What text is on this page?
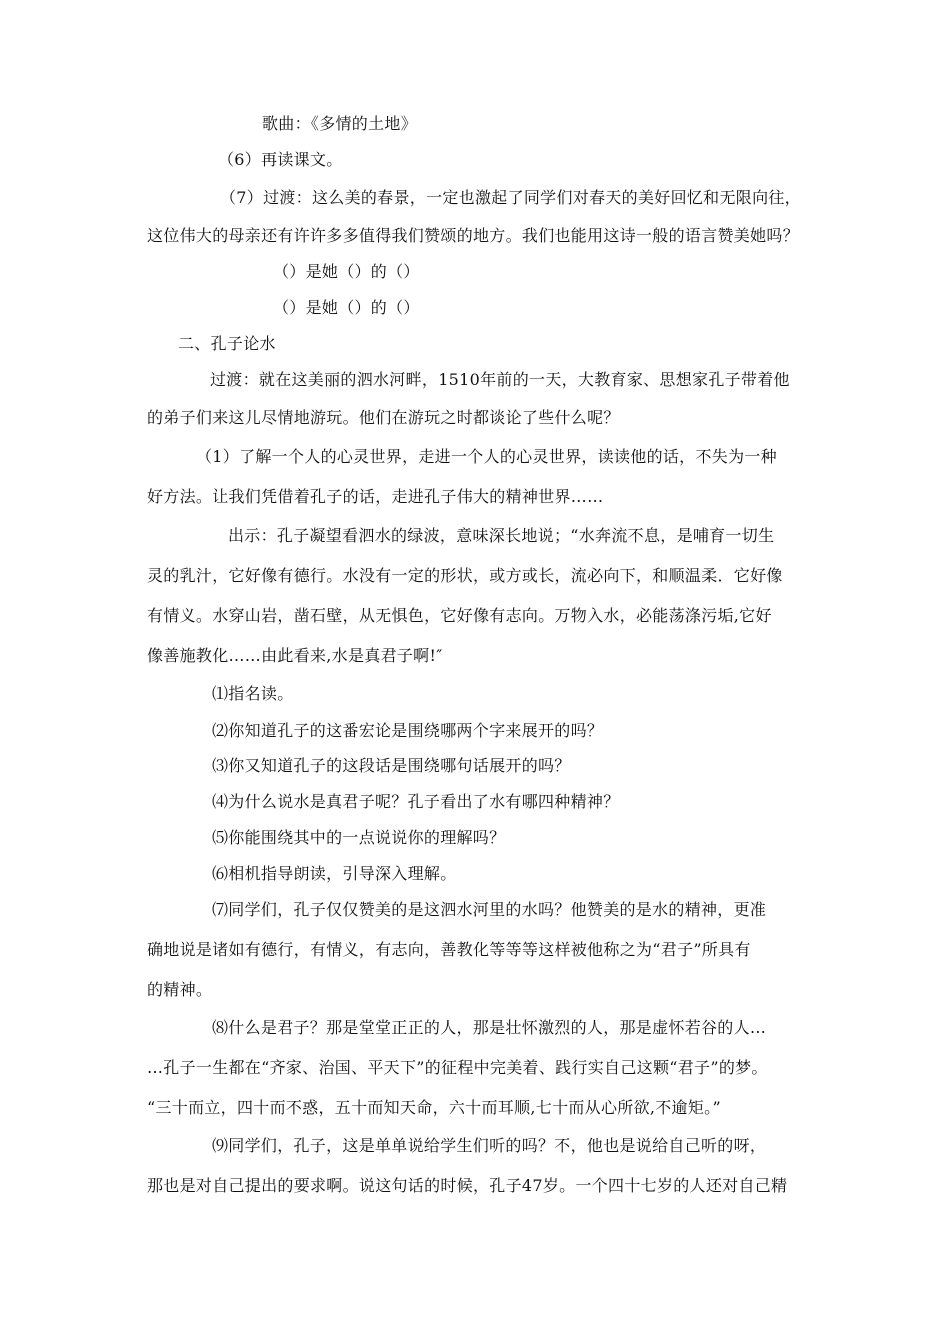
歌曲：《多情的土地》
（6）再读课文。
（7）过渡：这么美的春景，一定也激起了同学们对春天的美好回忆和无限向往，
这位伟大的母亲还有许许多多值得我们赞颂的地方。我们也能用这诗一般的语言赞美她吗？
（）是她（）的（）
（）是她（）的（）
二、孔子论水
过渡：就在这美丽的泗水河畔，1510年前的一天，大教育家、思想家孔子带着他
的弟子们来这儿尽情地游玩。他们在游玩之时都谈论了些什么呢？
（1）了解一个人的心灵世界，走进一个人的心灵世界，读读他的话，不失为一种
好方法。让我们凭借着孔子的话，走进孔子伟大的精神世界……
出示：孔子凝望看泗水的绿波，意味深长地说；“水奔流不息，是哺育一切生
灵的乳汁，它好像有德行。水没有一定的形状，或方或长，流必向下，和顺温柔．它好像
有情义。水穿山岩，凿石壁，从无惧色，它好像有志向。万物入水，必能荡涤污垢,它好
像善施教化……由此看来,水是真君子啊!″
⑴指名读。
⑵你知道孔子的这番宏论是围绕哪两个字来展开的吗？
⑶你又知道孔子的这段话是围绕哪句话展开的吗？
⑷为什么说水是真君子呢？孔子看出了水有哪四种精神？
⑸你能围绕其中的一点说说你的理解吗？
⑹相机指导朗读，引导深入理解。
⑺同学们，孔子仅仅赞美的是这泗水河里的水吗？他赞美的是水的精神，更准
确地说是诸如有德行，有情义，有志向，善教化等等等这样被他称之为“君子”所具有
的精神。
⑻什么是君子？那是堂堂正正的人，那是壮怀激烈的人，那是虚怀若谷的人…
…孔子一生都在“齐家、治国、平天下”的征程中完美着、践行实自己这颗“君子”的梦。
“三十而立，四十而不惑，五十而知天命，六十而耳顺,七十而从心所欲,不逾矩。”
⑼同学们，孔子，这是单单说给学生们听的吗？不，他也是说给自己听的呀，
那也是对自己提出的要求啊。说这句话的时候，孔子47岁。一个四十七岁的人还对自己精
